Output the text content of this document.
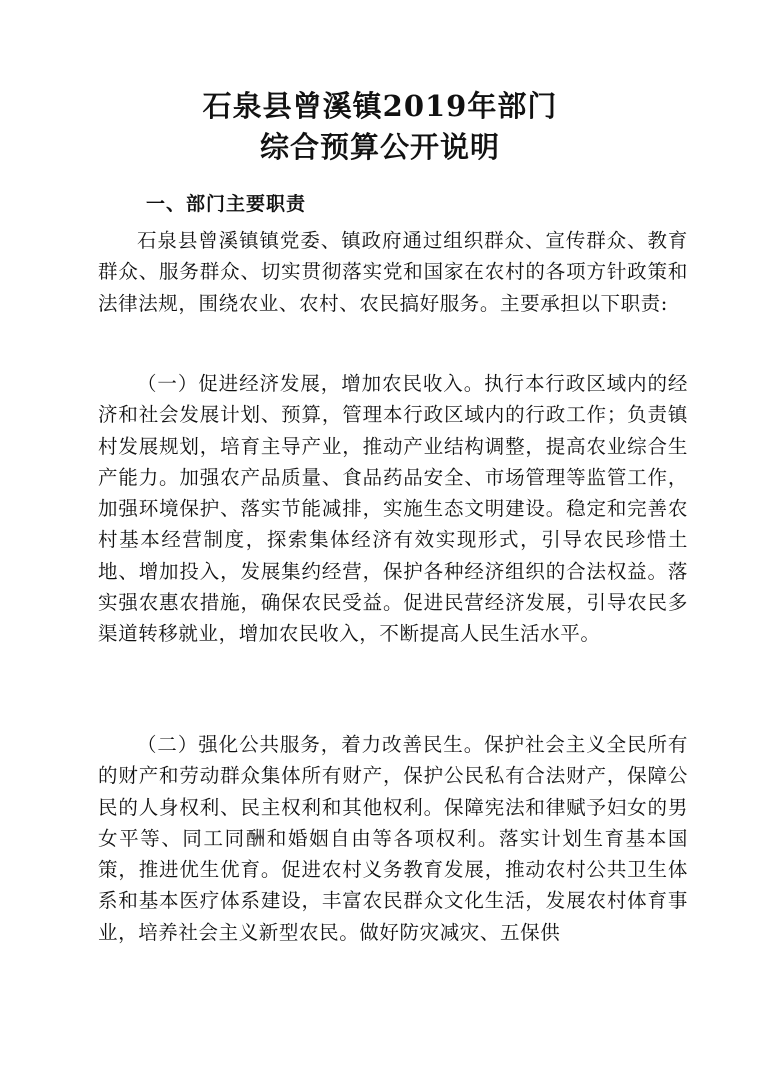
石泉县曾溪镇2019年部门
综合预算公开说明
一、部门主要职责
石泉县曾溪镇镇党委、镇政府通过组织群众、宣传群众、教育群众、服务群众、切实贯彻落实党和国家在农村的各项方针政策和法律法规，围绕农业、农村、农民搞好服务。主要承担以下职责:
（一）促进经济发展，增加农民收入。执行本行政区域内的经济和社会发展计划、预算，管理本行政区域内的行政工作；负责镇村发展规划，培育主导产业，推动产业结构调整，提高农业综合生产能力。加强农产品质量、食品药品安全、市场管理等监管工作，加强环境保护、落实节能减排，实施生态文明建设。稳定和完善农村基本经营制度，探索集体经济有效实现形式，引导农民珍惜土地、增加投入，发展集约经营，保护各种经济组织的合法权益。落实强农惠农措施，确保农民受益。促进民营经济发展，引导农民多渠道转移就业，增加农民收入，不断提高人民生活水平。
（二）强化公共服务，着力改善民生。保护社会主义全民所有的财产和劳动群众集体所有财产，保护公民私有合法财产，保障公民的人身权利、民主权利和其他权利。保障宪法和律赋予妇女的男女平等、同工同酬和婚姻自由等各项权利。落实计划生育基本国策，推进优生优育。促进农村义务教育发展，推动农村公共卫生体系和基本医疗体系建设，丰富农民群众文化生活，发展农村体育事业，培养社会主义新型农民。做好防灾减灾、五保供
